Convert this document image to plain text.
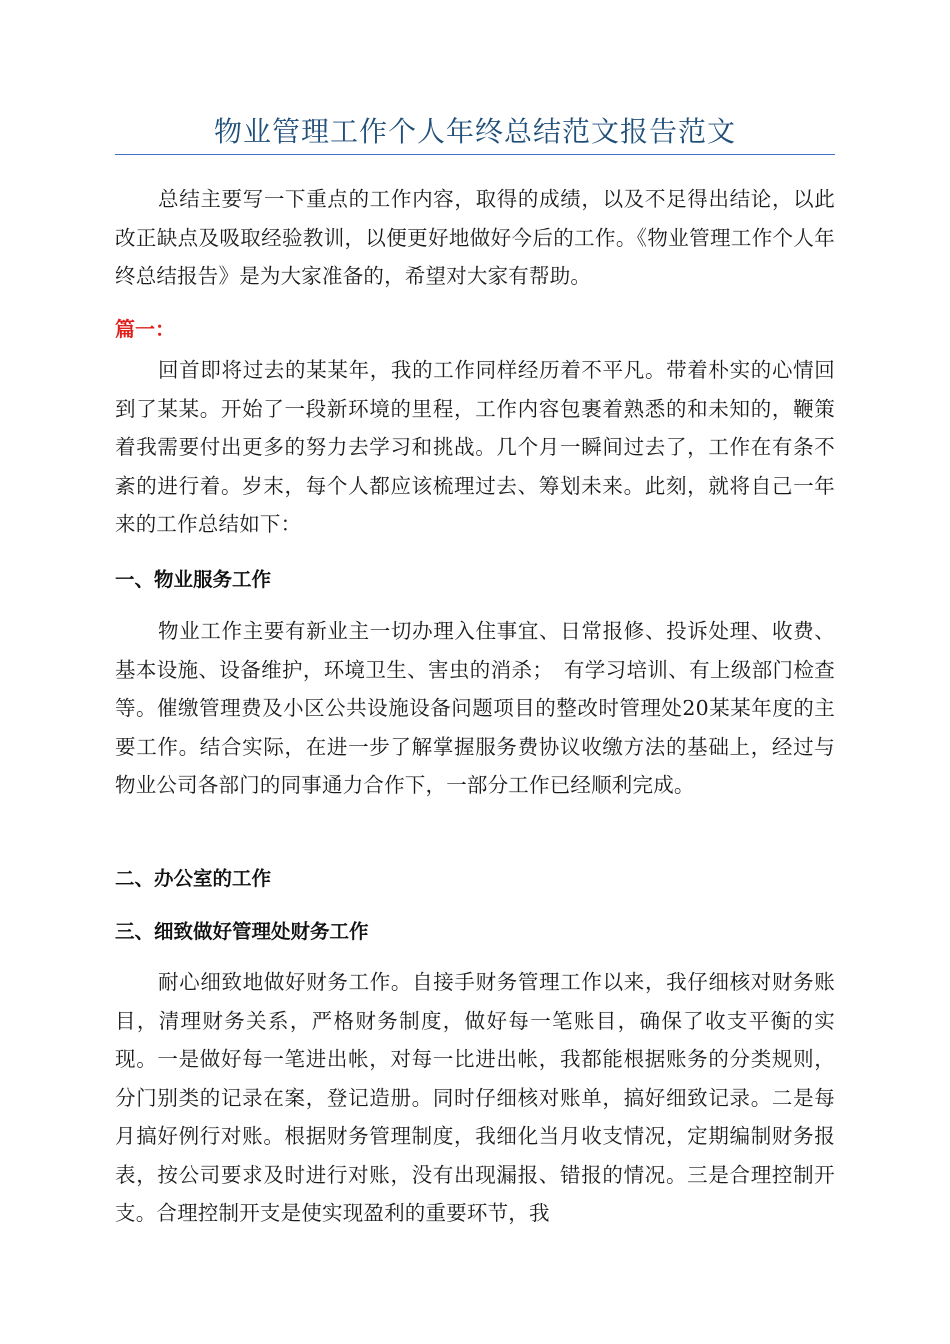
物业管理工作个人年终总结范文报告范文

总结主要写一下重点的工作内容，取得的成绩，以及不足得出结论，以此改正缺点及吸取经验教训，以便更好地做好今后的工作。《物业管理工作个人年终总结报告》是为大家准备的，希望对大家有帮助。

篇一：

回首即将过去的某某年，我的工作同样经历着不平凡。带着朴实的心情回到了某某。开始了一段新环境的里程，工作内容包裹着熟悉的和未知的，鞭策着我需要付出更多的努力去学习和挑战。几个月一瞬间过去了，工作在有条不紊的进行着。岁末，每个人都应该梳理过去、筹划未来。此刻，就将自己一年来的工作总结如下：

一、物业服务工作

物业工作主要有新业主一切办理入住事宜、日常报修、投诉处理、收费、基本设施、设备维护，环境卫生、害虫的消杀；　有学习培训、有上级部门检查等。催缴管理费及小区公共设施设备问题项目的整改时管理处20某某年度的主要工作。结合实际，在进一步了解掌握服务费协议收缴方法的基础上，经过与物业公司各部门的同事通力合作下，一部分工作已经顺利完成。

二、办公室的工作

三、细致做好管理处财务工作

耐心细致地做好财务工作。自接手财务管理工作以来，我仔细核对财务账目，清理财务关系，严格财务制度，做好每一笔账目，确保了收支平衡的实现。一是做好每一笔进出帐，对每一比进出帐，我都能根据账务的分类规则，分门别类的记录在案，登记造册。同时仔细核对账单，搞好细致记录。二是每月搞好例行对账。根据财务管理制度，我细化当月收支情况，定期编制财务报表，按公司要求及时进行对账，没有出现漏报、错报的情况。三是合理控制开支。合理控制开支是使实现盈利的重要环节，我
